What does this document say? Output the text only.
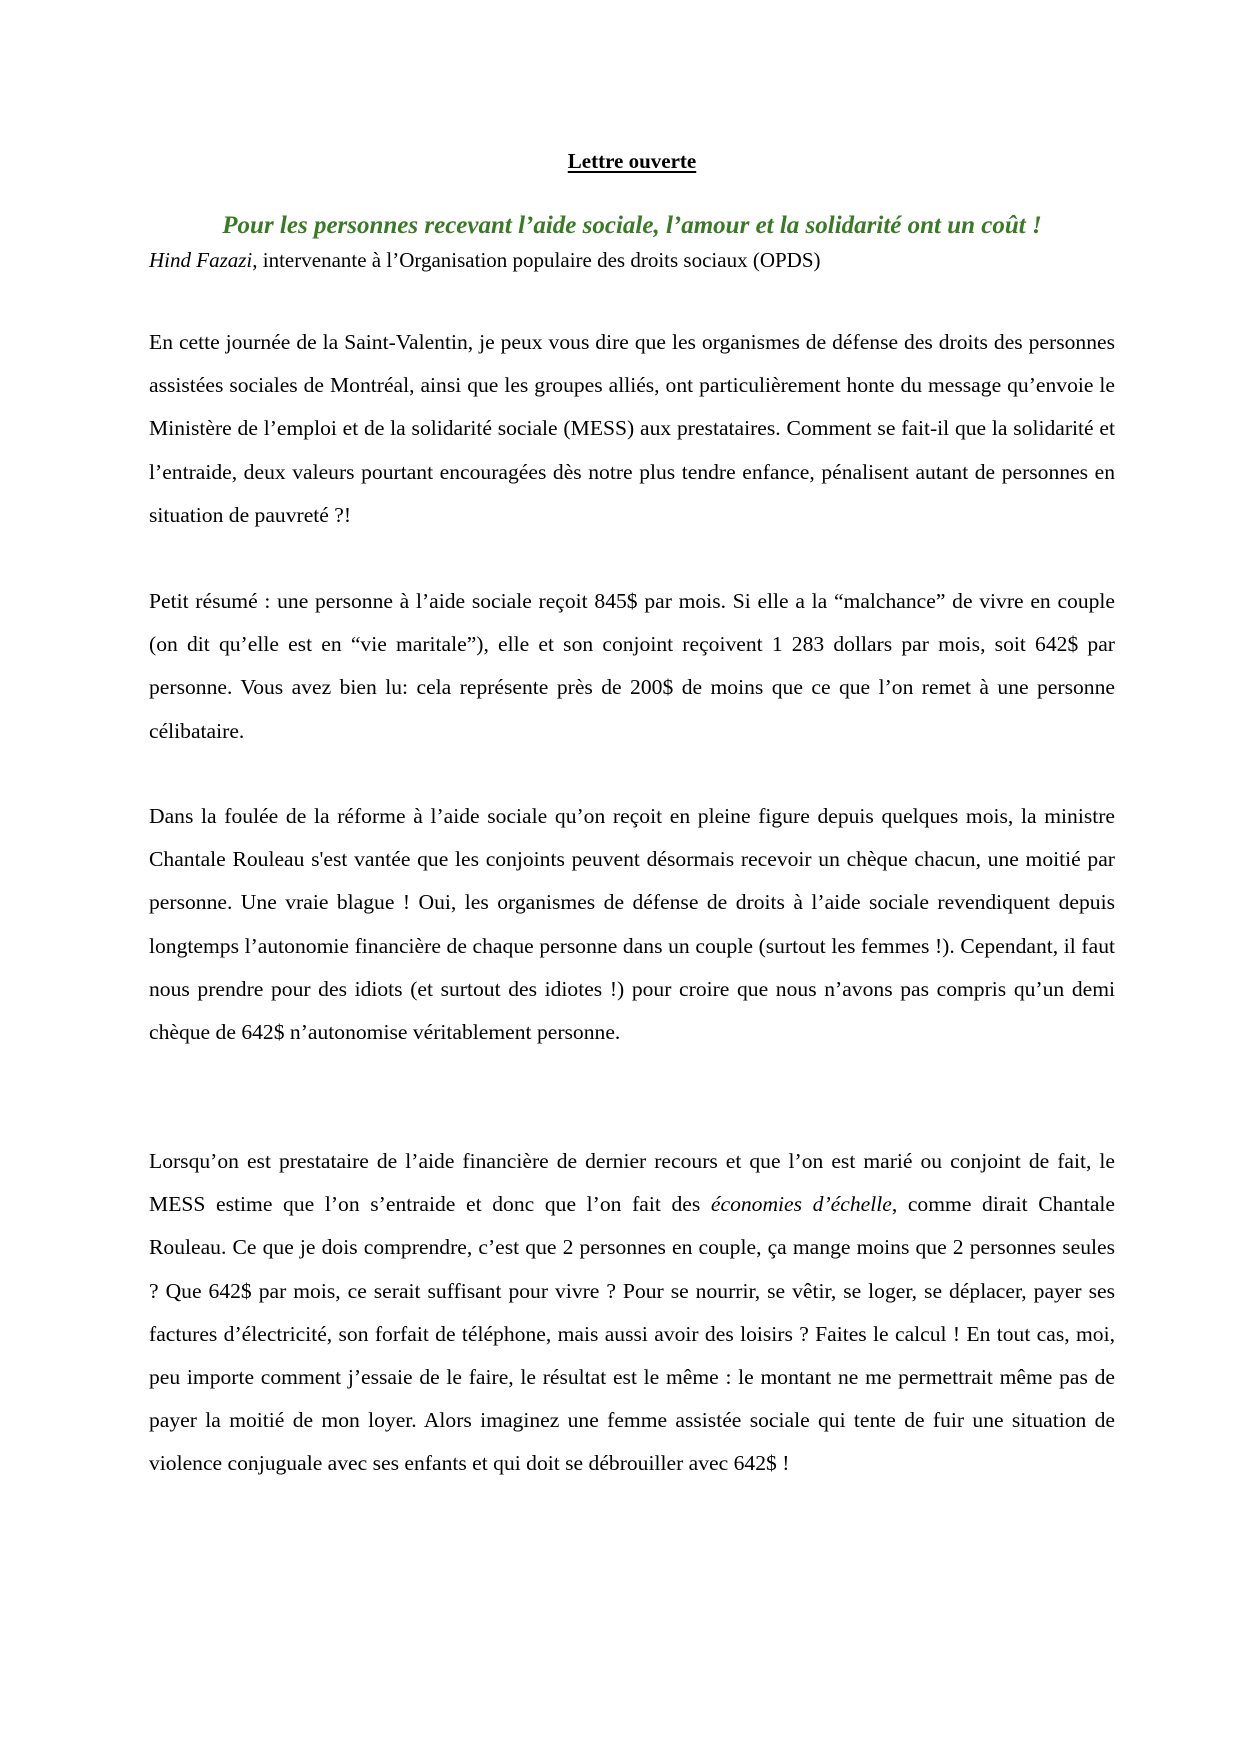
Lettre ouverte
Pour les personnes recevant l’aide sociale, l’amour et la solidarité ont un coût !
Hind Fazazi, intervenante à l’Organisation populaire des droits sociaux (OPDS)

En cette journée de la Saint-Valentin, je peux vous dire que les organismes de défense des droits des personnes assistées sociales de Montréal, ainsi que les groupes alliés, ont particulièrement honte du message qu’envoie le Ministère de l’emploi et de la solidarité sociale (MESS) aux prestataires. Comment se fait-il que la solidarité et l’entraide, deux valeurs pourtant encouragées dès notre plus tendre enfance, pénalisent autant de personnes en situation de pauvreté ?!

Petit résumé : une personne à l’aide sociale reçoit 845$ par mois. Si elle a la “malchance” de vivre en couple (on dit qu’elle est en “vie maritale”), elle et son conjoint reçoivent 1 283 dollars par mois, soit 642$ par personne. Vous avez bien lu: cela représente près de 200$ de moins que ce que l’on remet à une personne célibataire.

Dans la foulée de la réforme à l’aide sociale qu’on reçoit en pleine figure depuis quelques mois, la ministre Chantale Rouleau s'est vantée que les conjoints peuvent désormais recevoir un chèque chacun, une moitié par personne. Une vraie blague ! Oui, les organismes de défense de droits à l’aide sociale revendiquent depuis longtemps l’autonomie financière de chaque personne dans un couple (surtout les femmes !). Cependant, il faut nous prendre pour des idiots (et surtout des idiotes !) pour croire que nous n’avons pas compris qu’un demi chèque de 642$ n’autonomise véritablement personne.

Lorsqu’on est prestataire de l’aide financière de dernier recours et que l’on est marié ou conjoint de fait, le MESS estime que l’on s’entraide et donc que l’on fait des économies d’échelle, comme dirait Chantale Rouleau. Ce que je dois comprendre, c’est que 2 personnes en couple, ça mange moins que 2 personnes seules ? Que 642$ par mois, ce serait suffisant pour vivre ? Pour se nourrir, se vêtir, se loger, se déplacer, payer ses factures d’électricité, son forfait de téléphone, mais aussi avoir des loisirs ? Faites le calcul ! En tout cas, moi, peu importe comment j’essaie de le faire, le résultat est le même : le montant ne me permettrait même pas de payer la moitié de mon loyer. Alors imaginez une femme assistée sociale qui tente de fuir une situation de violence conjuguale avec ses enfants et qui doit se débrouiller avec 642$ !
